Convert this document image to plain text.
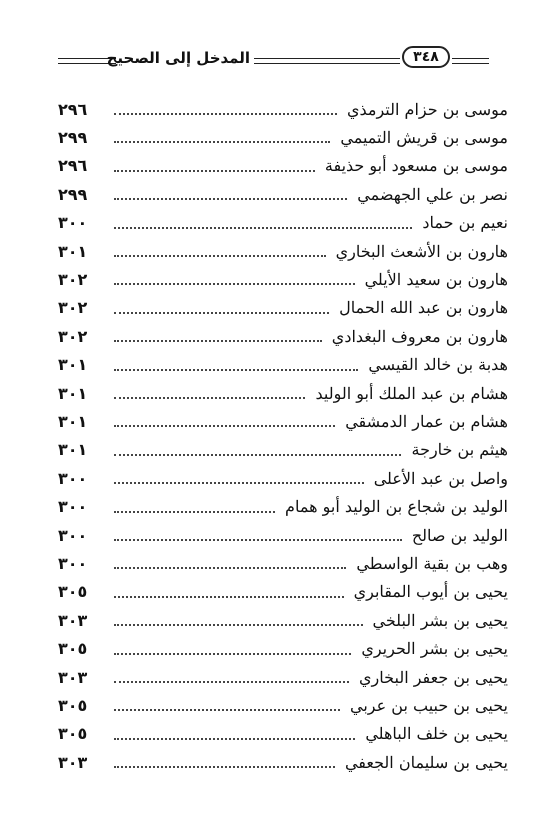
المدخل إلى الصحيح	٣٤٨
٢٩٦	موسى بن حزام الترمذي
٢٩٩	موسى بن قريش التميمي
٢٩٦	موسى بن مسعود أبو حذيفة
٢٩٩	نصر بن علي الجهضمي
٣٠٠	نعيم بن حماد
٣٠١	هارون بن الأشعث البخاري
٣٠٢	هارون بن سعيد الأيلي
٣٠٢	هارون بن عبد الله الحمال
٣٠٢	هارون بن معروف البغدادي
٣٠١	هدبة بن خالد القيسي
٣٠١	هشام بن عبد الملك أبو الوليد
٣٠١	هشام بن عمار الدمشقي
٣٠١	هيثم بن خارجة
٣٠٠	واصل بن عبد الأعلى
٣٠٠	الوليد بن شجاع بن الوليد أبو همام
٣٠٠	الوليد بن صالح
٣٠٠	وهب بن بقية الواسطي
٣٠٥	يحيى بن أيوب المقابري
٣٠٣	يحيى بن بشر البلخي
٣٠٥	يحيى بن بشر الحريري
٣٠٣	يحيى بن جعفر البخاري
٣٠٥	يحيى بن حبيب بن عربي
٣٠٥	يحيى بن خلف الباهلي
٣٠٣	يحيى بن سليمان الجعفي
